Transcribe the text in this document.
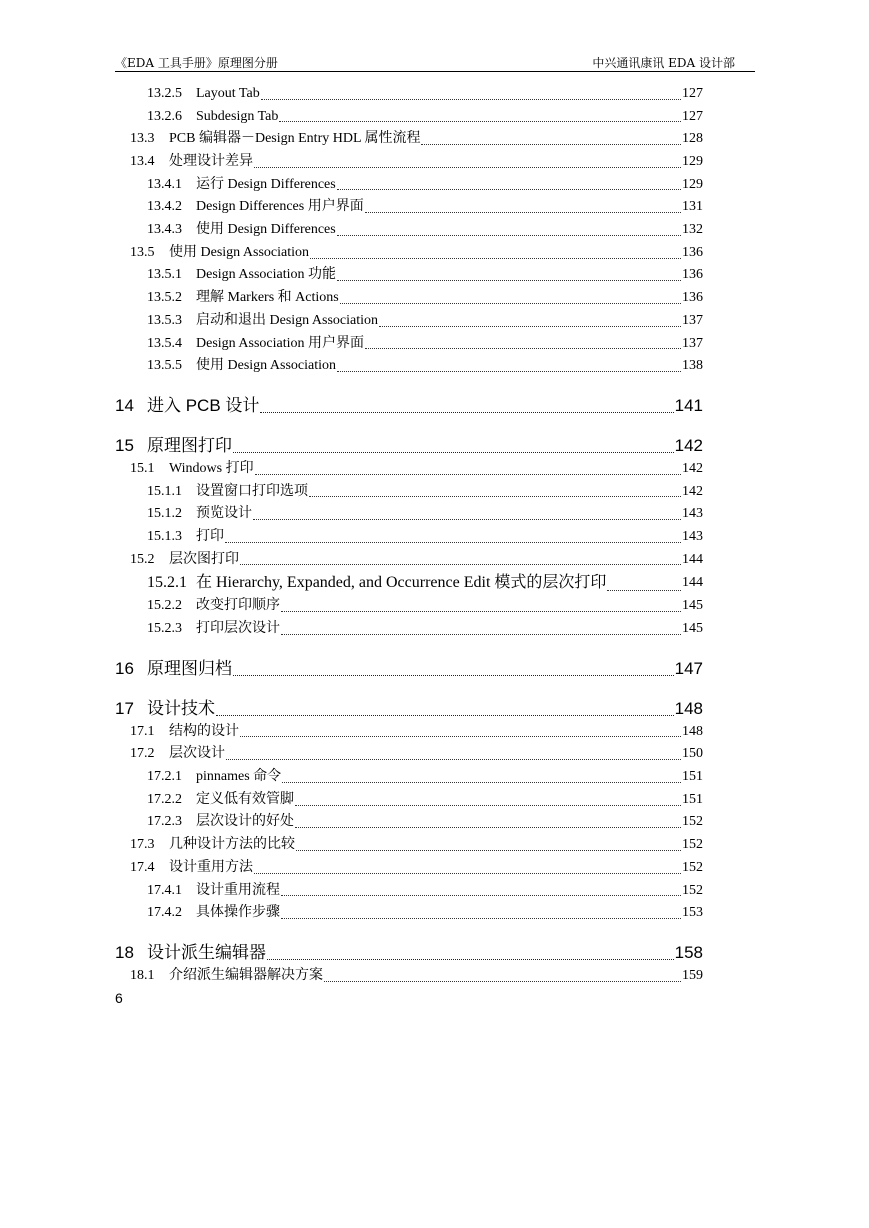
《EDA 工具手册》原理图分册	中兴通讯康讯 EDA 设计部
13.2.5	Layout Tab	127
13.2.6	Subdesign Tab	127
13.3	PCB 编辑器－Design Entry HDL 属性流程	128
13.4	处理设计差异	129
13.4.1	运行 Design Differences	129
13.4.2	Design Differences 用户界面	131
13.4.3	使用 Design Differences	132
13.5	使用 Design Association	136
13.5.1	Design Association 功能	136
13.5.2	理解 Markers 和 Actions	136
13.5.3	启动和退出 Design Association	137
13.5.4	Design Association 用户界面	137
13.5.5	使用 Design Association	138
14 进入 PCB 设计	141
15 原理图打印	142
15.1	Windows 打印	142
15.1.1	设置窗口打印选项	142
15.1.2	预览设计	143
15.1.3	打印	143
15.2	层次图打印	144
15.2.1 在 Hierarchy, Expanded, and Occurrence Edit 模式的层次打印	144
15.2.2	改变打印顺序	145
15.2.3	打印层次设计	145
16 原理图归档	147
17 设计技术	148
17.1	结构的设计	148
17.2	层次设计	150
17.2.1	pinnames 命令	151
17.2.2	定义低有效管脚	151
17.2.3	层次设计的好处	152
17.3	几种设计方法的比较	152
17.4	设计重用方法	152
17.4.1	设计重用流程	152
17.4.2	具体操作步骤	153
18 设计派生编辑器	158
18.1	介绍派生编辑器解决方案	159
6
